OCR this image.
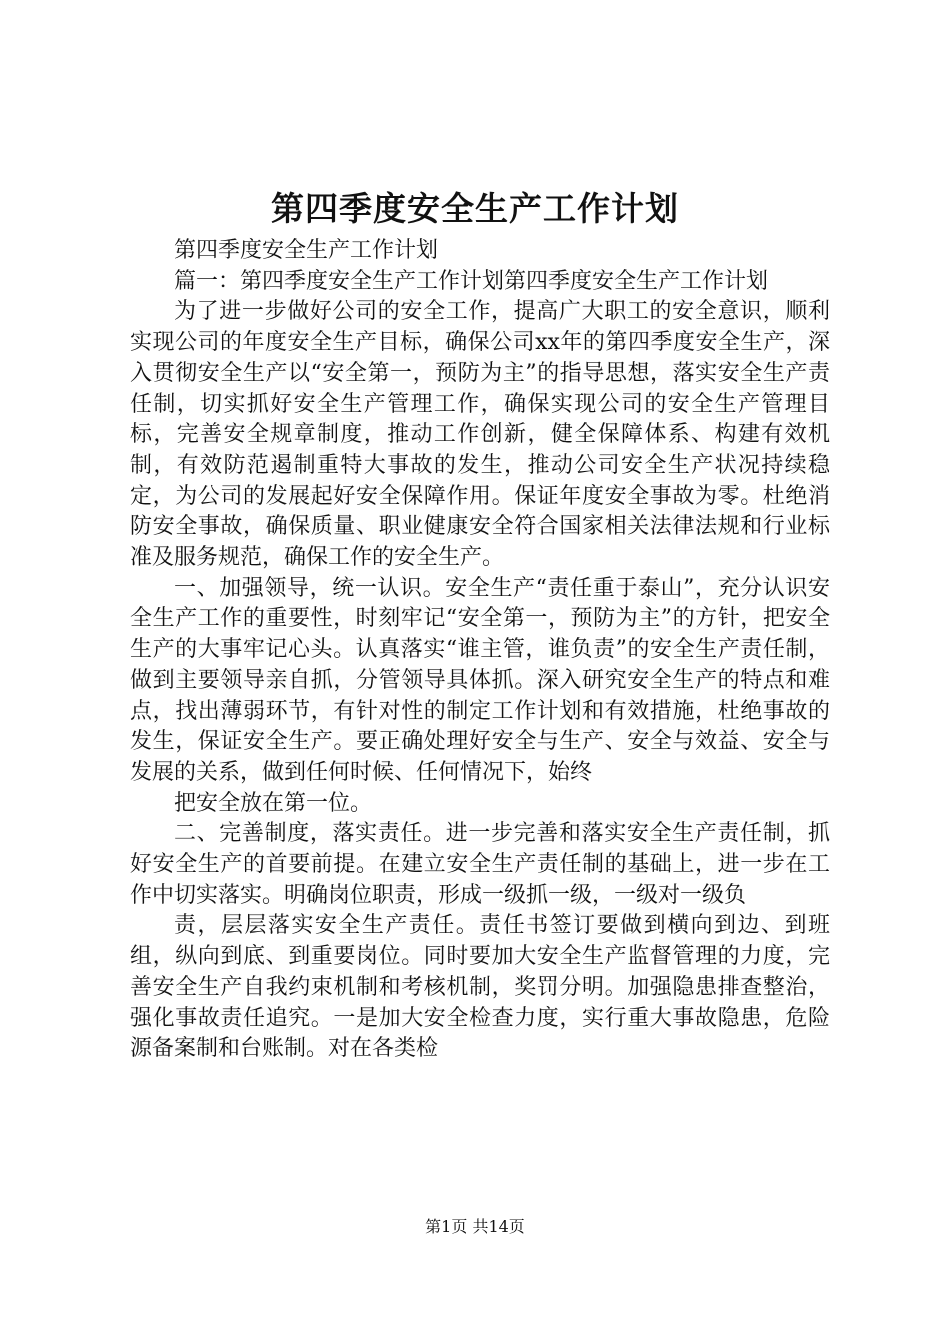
第四季度安全生产工作计划

第四季度安全生产工作计划

篇一：第四季度安全生产工作计划第四季度安全生产工作计划

为了进一步做好公司的安全工作，提高广大职工的安全意识，顺利实现公司的年度安全生产目标，确保公司xx年的第四季度安全生产，深入贯彻安全生产以“安全第一，预防为主”的指导思想，落实安全生产责任制，切实抓好安全生产管理工作，确保实现公司的安全生产管理目标，完善安全规章制度，推动工作创新，健全保障体系、构建有效机制，有效防范遏制重特大事故的发生，推动公司安全生产状况持续稳定，为公司的发展起好安全保障作用。保证年度安全事故为零。杜绝消防安全事故，确保质量、职业健康安全符合国家相关法律法规和行业标准及服务规范，确保工作的安全生产。

一、加强领导，统一认识。安全生产“责任重于泰山”，充分认识安全生产工作的重要性，时刻牢记“安全第一，预防为主”的方针，把安全生产的大事牢记心头。认真落实“谁主管，谁负责”的安全生产责任制，做到主要领导亲自抓，分管领导具体抓。深入研究安全生产的特点和难点，找出薄弱环节，有针对性的制定工作计划和有效措施，杜绝事故的发生，保证安全生产。要正确处理好安全与生产、安全与效益、安全与发展的关系，做到任何时候、任何情况下，始终

把安全放在第一位。

二、完善制度，落实责任。进一步完善和落实安全生产责任制，抓好安全生产的首要前提。在建立安全生产责任制的基础上，进一步在工作中切实落实。明确岗位职责，形成一级抓一级，一级对一级负

责，层层落实安全生产责任。责任书签订要做到横向到边、到班组，纵向到底、到重要岗位。同时要加大安全生产监督管理的力度，完善安全生产自我约束机制和考核机制，奖罚分明。加强隐患排查整治，强化事故责任追究。一是加大安全检查力度，实行重大事故隐患，危险源备案制和台账制。对在各类检

第1页 共14页
